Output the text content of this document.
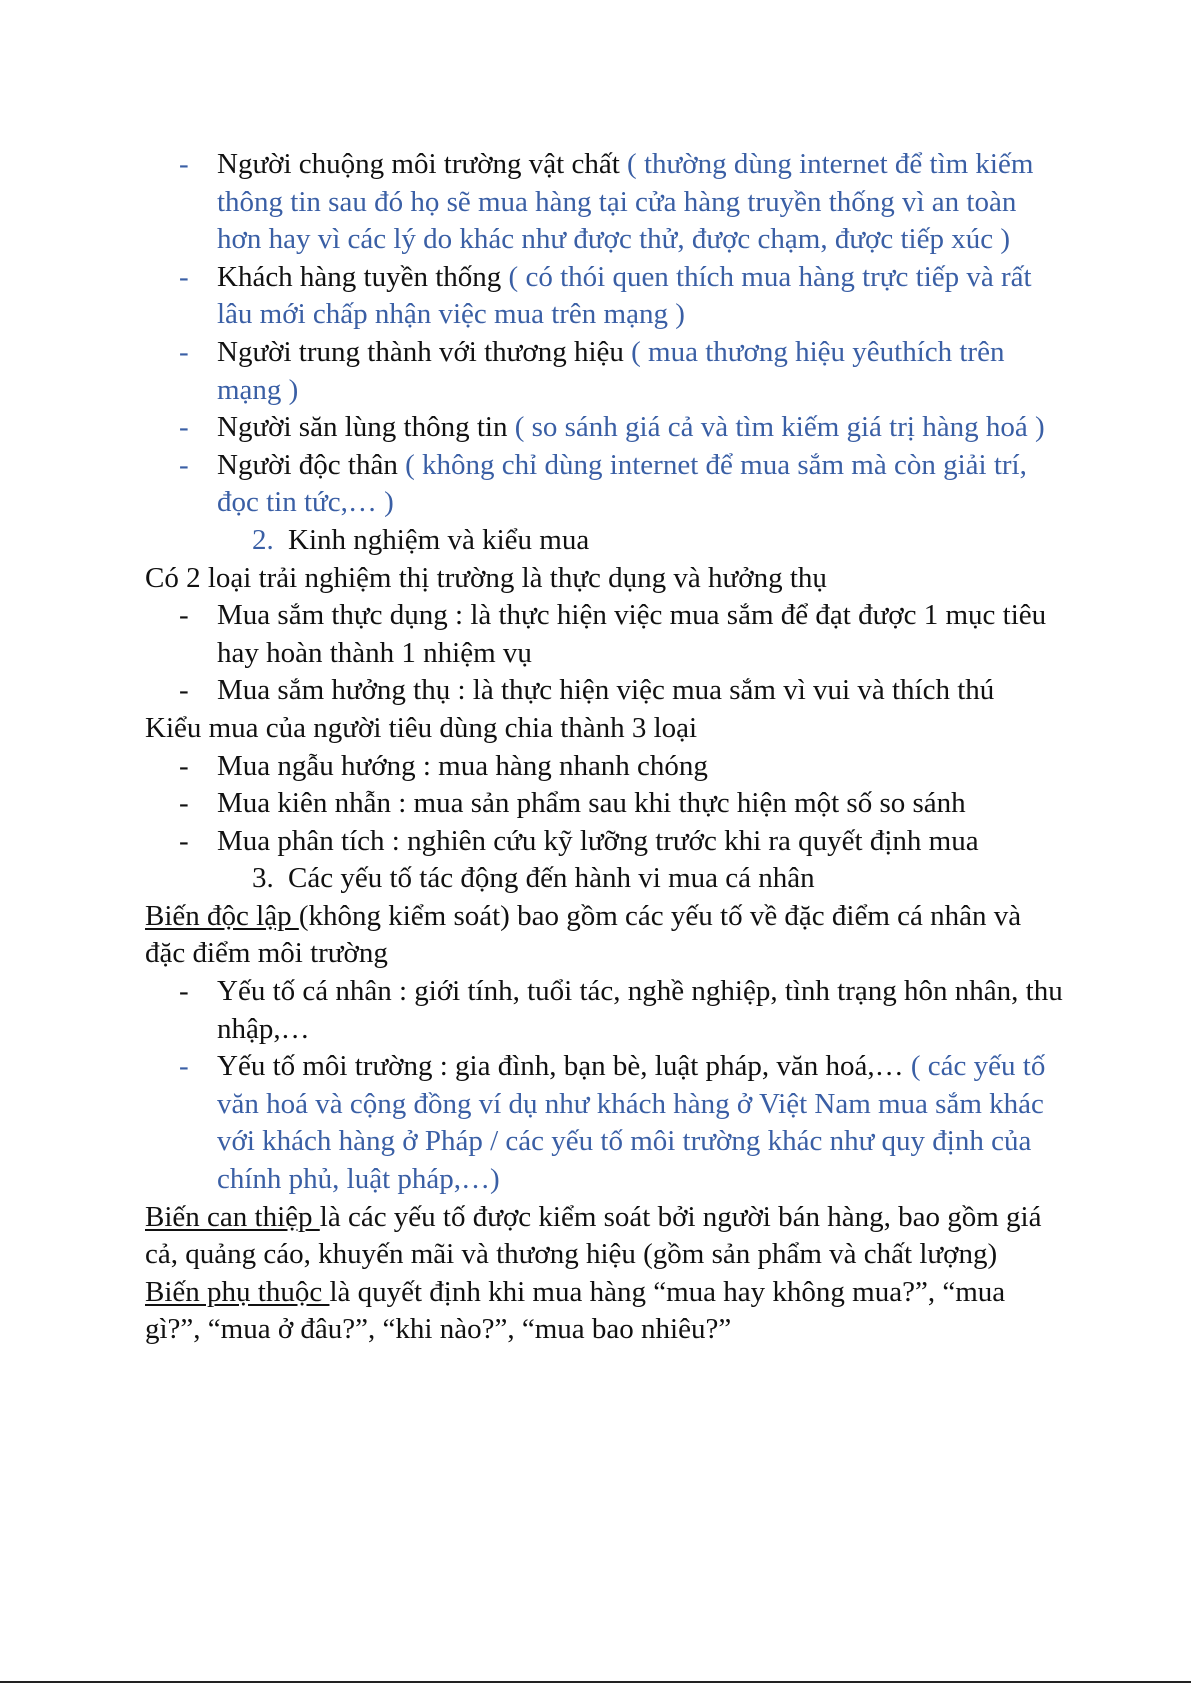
- Người chuộng môi trường vật chất ( thường dùng internet để tìm kiếm thông tin sau đó họ sẽ mua hàng tại cửa hàng truyền thống vì an toàn hơn hay vì các lý do khác như được thử, được chạm, được tiếp xúc )

- Khách hàng tuyền thống ( có thói quen thích mua hàng trực tiếp và rất lâu mới chấp nhận việc mua trên mạng )

- Người trung thành với thương hiệu ( mua thương hiệu yêuthích trên mạng )

- Người săn lùng thông tin ( so sánh giá cả và tìm kiếm giá trị hàng hoá )

- Người độc thân ( không chỉ dùng internet để mua sắm mà còn giải trí, đọc tin tức,… )

2. Kinh nghiệm và kiểu mua

Có 2 loại trải nghiệm thị trường là thực dụng và hưởng thụ

- Mua sắm thực dụng : là thực hiện việc mua sắm để đạt được 1 mục tiêu hay hoàn thành 1 nhiệm vụ

- Mua sắm hưởng thụ : là thực hiện việc mua sắm vì vui và thích thú

Kiểu mua của người tiêu dùng chia thành 3 loại

- Mua ngẫu hướng : mua hàng nhanh chóng

- Mua kiên nhẫn : mua sản phẩm sau khi thực hiện một số so sánh

- Mua phân tích : nghiên cứu kỹ lưỡng trước khi ra quyết định mua

3. Các yếu tố tác động đến hành vi mua cá nhân

Biến độc lập (không kiểm soát) bao gồm các yếu tố về đặc điểm cá nhân và đặc điểm môi trường

- Yếu tố cá nhân : giới tính, tuổi tác, nghề nghiệp, tình trạng hôn nhân, thu nhập,…

- Yếu tố môi trường : gia đình, bạn bè, luật pháp, văn hoá,… ( các yếu tố văn hoá và cộng đồng ví dụ như khách hàng ở Việt Nam mua sắm khác với khách hàng ở Pháp / các yếu tố môi trường khác như quy định của chính phủ, luật pháp,…)

Biến can thiệp là các yếu tố được kiểm soát bởi người bán hàng, bao gồm giá cả, quảng cáo, khuyến mãi và thương hiệu (gồm sản phẩm và chất lượng)

Biến phụ thuộc là quyết định khi mua hàng “mua hay không mua?”, “mua gì?”, “mua ở đâu?”, “khi nào?”, “mua bao nhiêu?”
